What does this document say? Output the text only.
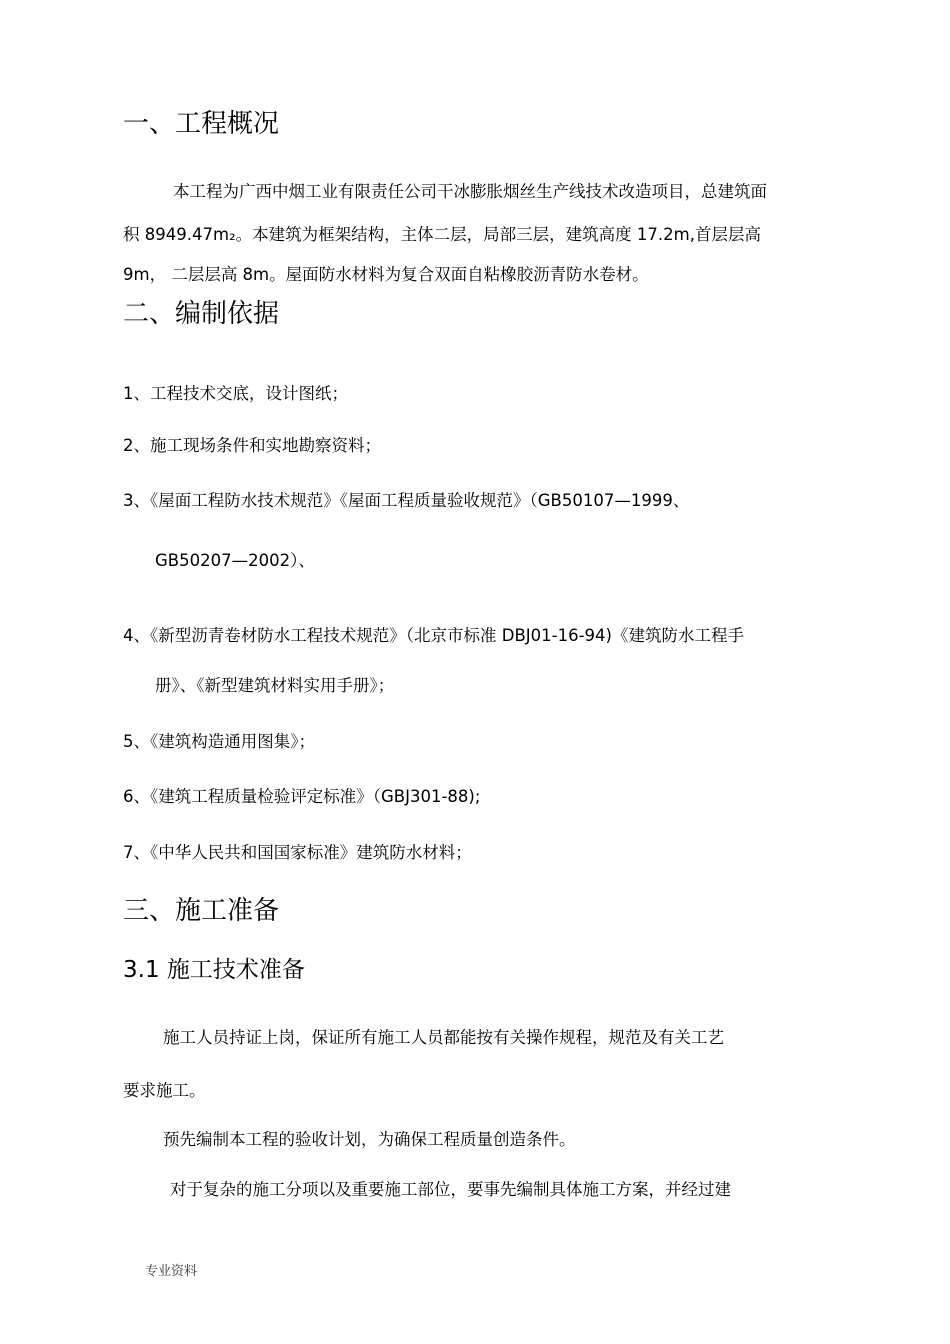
一、工程概况
本工程为广西中烟工业有限责任公司干冰膨胀烟丝生产线技术改造项目，总建筑面
积 8949.47m₂。本建筑为框架结构，主体二层，局部三层，建筑高度 17.2m,首层层高
9m， 二层层高 8m。屋面防水材料为复合双面自粘橡胶沥青防水卷材。
二、编制依据
1、工程技术交底，设计图纸；
2、施工现场条件和实地勘察资料；
3、《屋面工程防水技术规范》《屋面工程质量验收规范》（GB50107—1999、
GB50207—2002）、
4、《新型沥青卷材防水工程技术规范》（北京市标准 DBJ01-16-94)《建筑防水工程手
册》、《新型建筑材料实用手册》；
5、《建筑构造通用图集》；
6、《建筑工程质量检验评定标准》（GBJ301-88);
7、《中华人民共和国国家标准》建筑防水材料；
三、施工准备
3.1 施工技术准备
施工人员持证上岗，保证所有施工人员都能按有关操作规程，规范及有关工艺
要求施工。
预先编制本工程的验收计划，为确保工程质量创造条件。
对于复杂的施工分项以及重要施工部位，要事先编制具体施工方案，并经过建
专业资料
